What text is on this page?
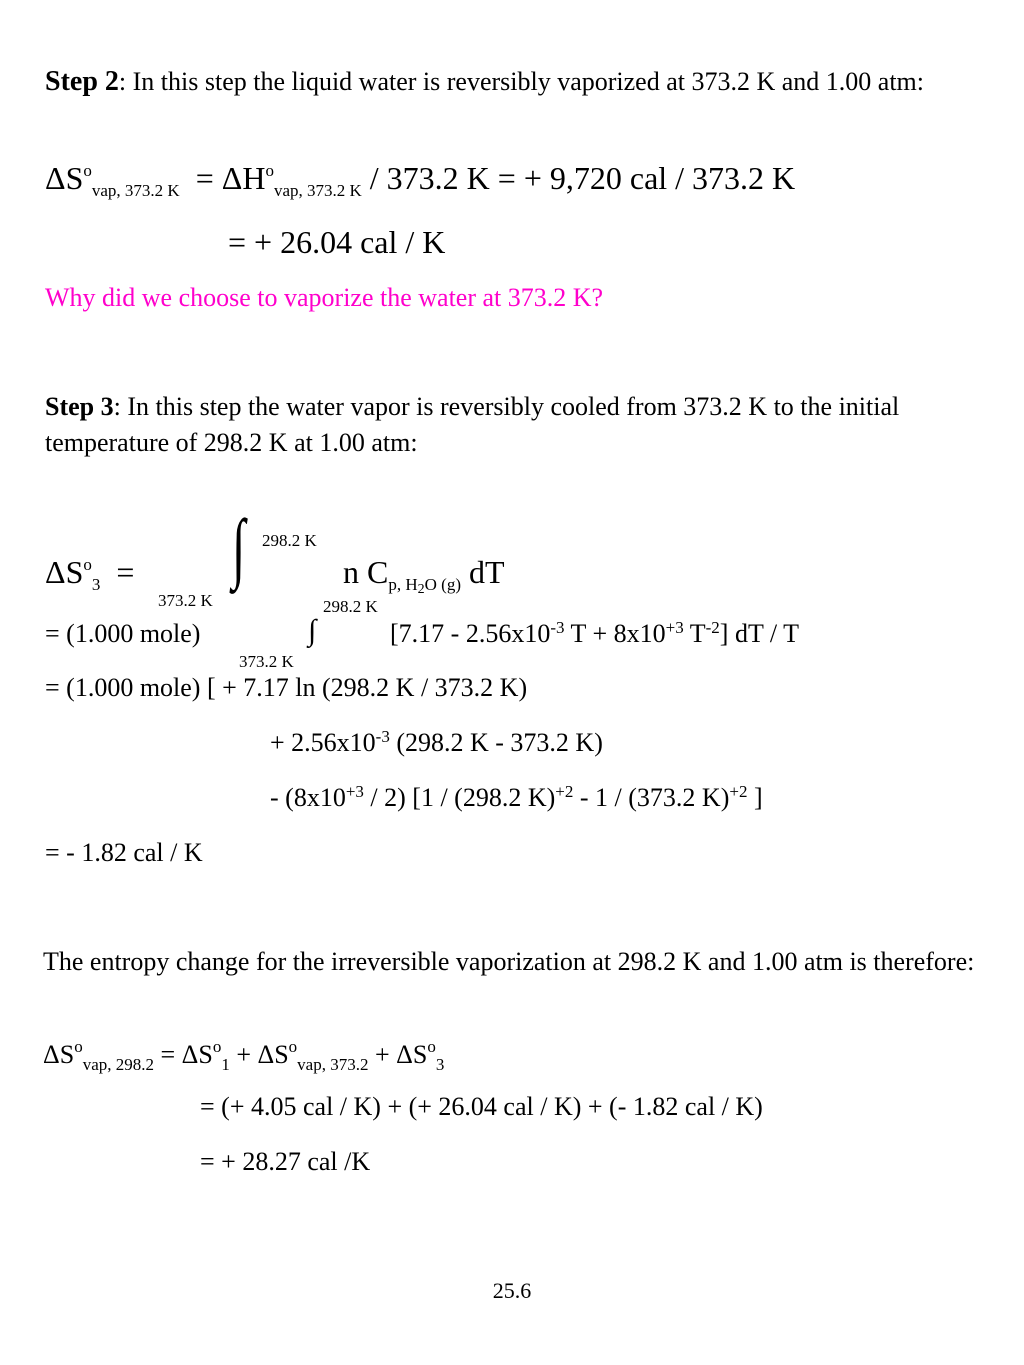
Step 2: In this step the liquid water is reversibly vaporized at 373.2 K and 1.00 atm:
$\Delta S^o_{vap, 373.2 K} = \Delta H^o_{vap, 373.2 K} / 373.2$ K = + 9,720 cal / 373.2 K
= + 26.04 cal / K
Why did we choose to vaporize the water at 373.2 K?
Step 3: In this step the water vapor is reversibly cooled from 373.2 K to the initial temperature of 298.2 K at 1.00 atm:
$\Delta S^o_3$ = ∫ 298.2 K
373.2 K
n $C_{p, H2O (g)}$ dT
298.2 K
= (1.000 mole)	∫
373.2 K
[$7.17 - 2.56x10^{-3}$ $T + 8x10^{+3}$ $T^{-2}$] dT / T
= (1.000 mole) [ + 7.17 ln (298.2 K / 373.2 K)
+ $2.56x10^{-3}$ (298.2 K - 373.2 K)
- $(8x10^{+3} / 2)$ [1 / (298.2 K)$^{+2}$ - 1 / (373.2 K)$^{+2}$ ]
= - 1.82 cal / K
The entropy change for the irreversible vaporization at 298.2 K and 1.00 atm is therefore:
$\Delta S^o_{vap, 298.2} = \Delta S^o_1 + \Delta S^o_{vap, 373.2} + \Delta S^o_3$
= (+ 4.05 cal / K) + (+ 26.04 cal / K) + (- 1.82 cal / K)
= + 28.27 cal /K
25.6
